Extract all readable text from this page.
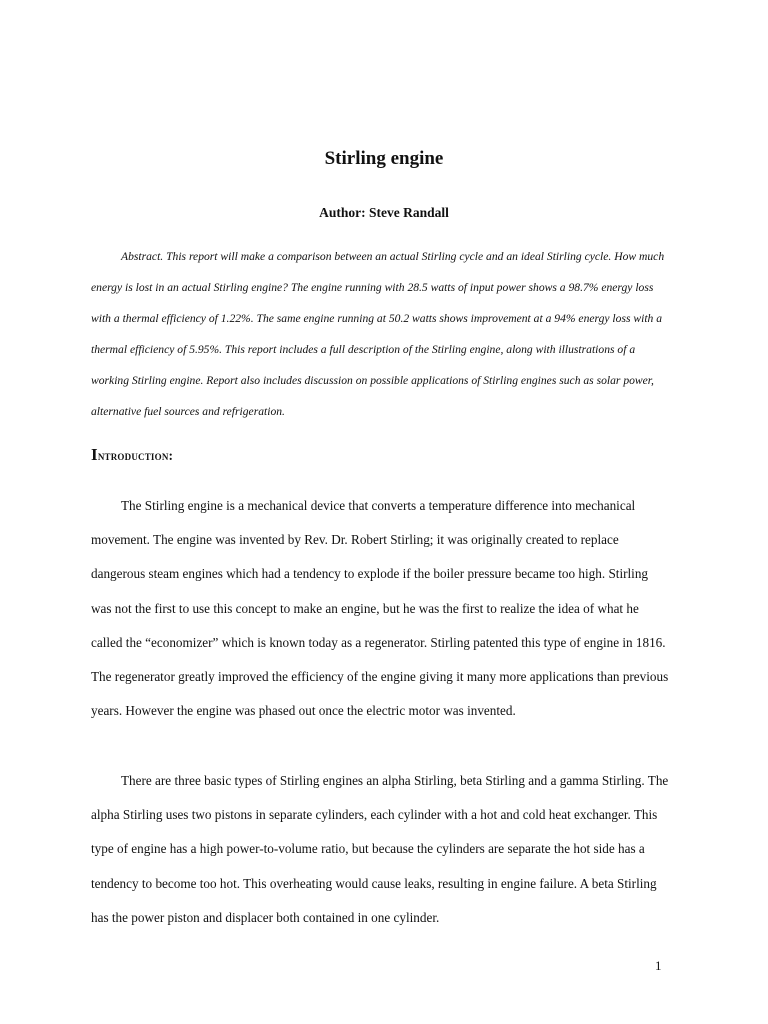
Stirling engine

Author: Steve Randall

Abstract. This report will make a comparison between an actual Stirling cycle and an ideal Stirling cycle. How much energy is lost in an actual Stirling engine? The engine running with 28.5 watts of input power shows a 98.7% energy loss with a thermal efficiency of 1.22%. The same engine running at 50.2 watts shows improvement at a 94% energy loss with a thermal efficiency of 5.95%. This report includes a full description of the Stirling engine, along with illustrations of a working Stirling engine. Report also includes discussion on possible applications of Stirling engines such as solar power, alternative fuel sources and refrigeration.

Introduction:

The Stirling engine is a mechanical device that converts a temperature difference into mechanical movement. The engine was invented by Rev. Dr. Robert Stirling; it was originally created to replace dangerous steam engines which had a tendency to explode if the boiler pressure became too high. Stirling was not the first to use this concept to make an engine, but he was the first to realize the idea of what he called the “economizer” which is known today as a regenerator. Stirling patented this type of engine in 1816. The regenerator greatly improved the efficiency of the engine giving it many more applications than previous years. However the engine was phased out once the electric motor was invented.

There are three basic types of Stirling engines an alpha Stirling, beta Stirling and a gamma Stirling. The alpha Stirling uses two pistons in separate cylinders, each cylinder with a hot and cold heat exchanger. This type of engine has a high power-to-volume ratio, but because the cylinders are separate the hot side has a tendency to become too hot. This overheating would cause leaks, resulting in engine failure. A beta Stirling has the power piston and displacer both contained in one cylinder.

1
